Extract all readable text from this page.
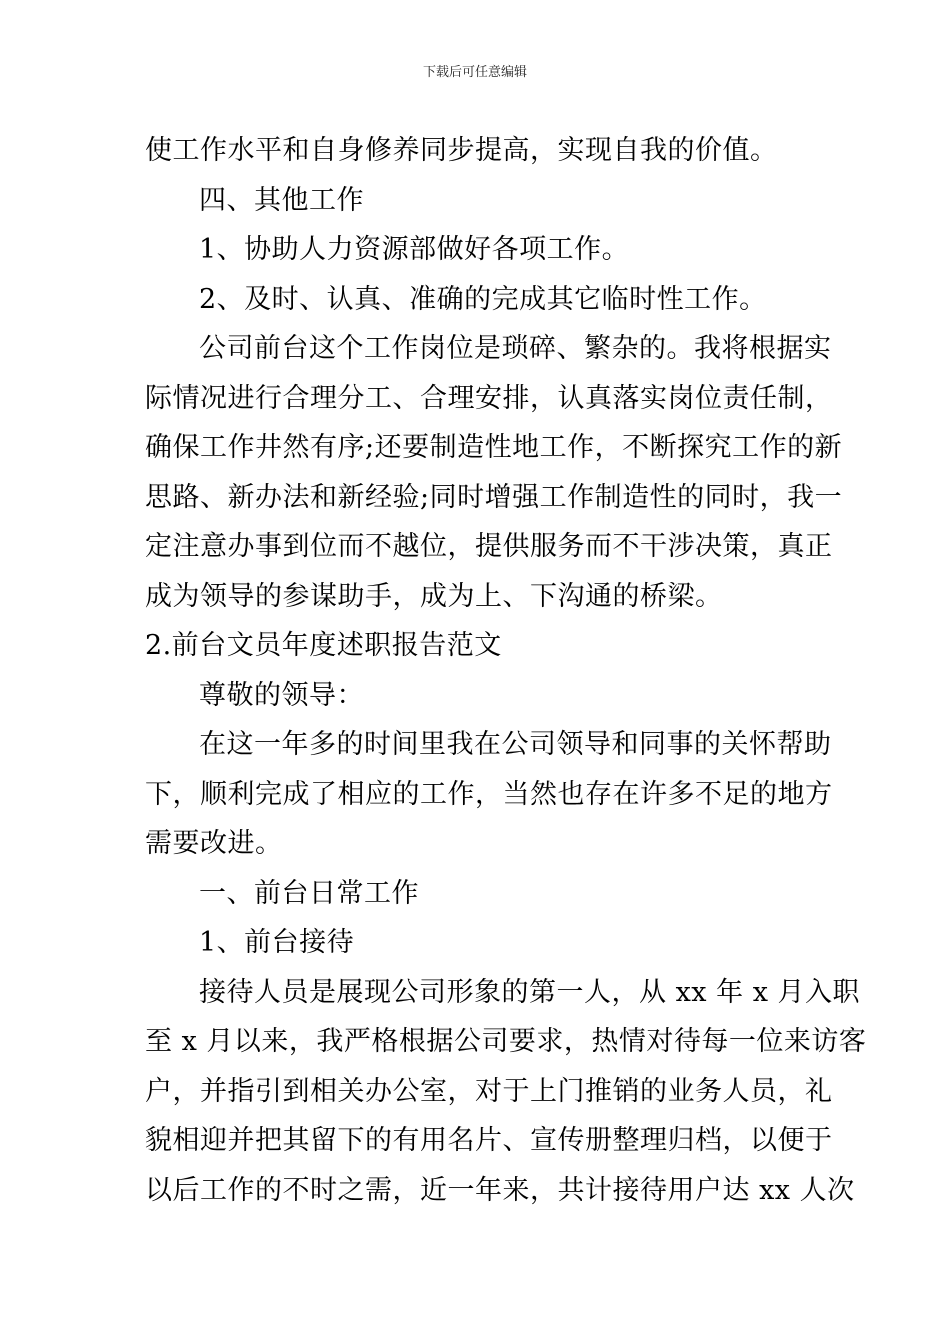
下载后可任意编辑
使工作水平和自身修养同步提高，实现自我的价值。
四、其他工作
1、协助人力资源部做好各项工作。
2、及时、认真、准确的完成其它临时性工作。
公司前台这个工作岗位是琐碎、繁杂的。我将根据实
际情况进行合理分工、合理安排，认真落实岗位责任制，
确保工作井然有序;还要制造性地工作，不断探究工作的新
思路、新办法和新经验;同时增强工作制造性的同时，我一
定注意办事到位而不越位，提供服务而不干涉决策，真正
成为领导的参谋助手，成为上、下沟通的桥梁。
2.前台文员年度述职报告范文
尊敬的领导：
在这一年多的时间里我在公司领导和同事的关怀帮助
下，顺利完成了相应的工作，当然也存在许多不足的地方
需要改进。
一、前台日常工作
1、前台接待
接待人员是展现公司形象的第一人，从 xx 年 x 月入职
至 x 月以来，我严格根据公司要求，热情对待每一位来访客
户，并指引到相关办公室，对于上门推销的业务人员，礼
貌相迎并把其留下的有用名片、宣传册整理归档，以便于
以后工作的不时之需，近一年来，共计接待用户达 xx 人次
